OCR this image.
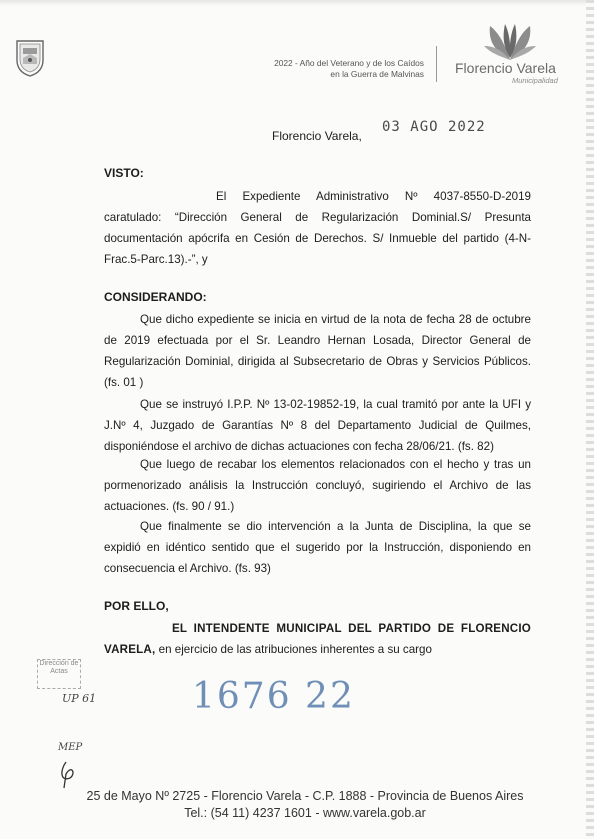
2022 - Año del Veterano y de los Caídos
en la Guerra de Malvinas Florencio Varela
Municipalidad
Florencio Varela,
03 AGO 2022
VISTO:
El Expediente Administrativo Nº 4037-8550-D-2019 caratulado: “Dirección General de Regularización Dominial.S/ Presunta documentación apócrifa en Cesión de Derechos. S/ Inmueble del partido (4-N-Frac.5-Parc.13).-”, y
CONSIDERANDO:
Que dicho expediente se inicia en virtud de la nota de fecha 28 de octubre de 2019 efectuada por el Sr. Leandro Hernan Losada, Director General de Regularización Dominial, dirigida al Subsecretario de Obras y Servicios Públicos. (fs. 01 )
Que se instruyó I.P.P. Nº 13-02-19852-19, la cual tramitó por ante la UFI y J.Nº 4, Juzgado de Garantías Nº 8 del Departamento Judicial de Quilmes, disponiéndose el archivo de dichas actuaciones con fecha 28/06/21. (fs. 82)
Que luego de recabar los elementos relacionados con el hecho y tras un pormenorizado análisis la Instrucción concluyó, sugiriendo el Archivo de las actuaciones. (fs. 90 / 91.)
Que finalmente se dio intervención a la Junta de Disciplina, la que se expidió en idéntico sentido que el sugerido por la Instrucción, disponiendo en consecuencia el Archivo. (fs. 93)
POR ELLO,
EL INTENDENTE MUNICIPAL DEL PARTIDO DE FLORENCIO VARELA, en ejercicio de las atribuciones inherentes a su cargo
Dirección de Actas
UP 61
MEP
1676 22
25 de Mayo Nº 2725 - Florencio Varela - C.P. 1888 - Provincia de Buenos Aires
Tel.: (54 11) 4237 1601 - www.varela.gob.ar
